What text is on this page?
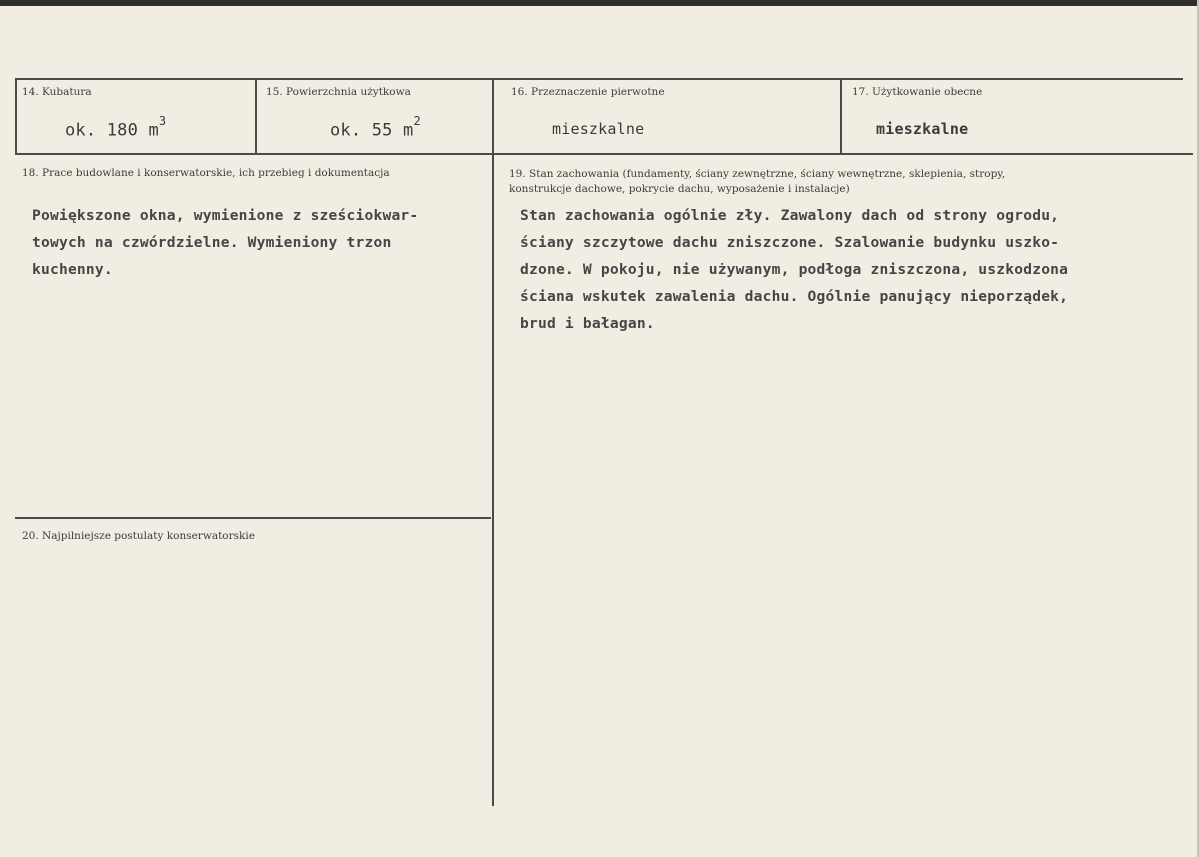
14. Kubatura
ok. 180 $m^3$
15. Powierzchnia użytkowa
ok. 55 $m^2$
16. Przeznaczenie pierwotne
mieszkalne
17. Użytkowanie obecne
mieszkalne
18. Prace budowlane i konserwatorskie, ich przebieg i dokumentacja
Powiększone okna, wymienione z sześciokwar-
towych na czwórdzielne. Wymieniony trzon
kuchenny.
19. Stan zachowania (fundamenty, ściany zewnętrzne, ściany wewnętrzne, sklepienia, stropy,
konstrukcje dachowe, pokrycie dachu, wyposażenie i instalacje)
Stan zachowania ogólnie zły. Zawalony dach od strony ogrodu,
ściany szczytowe dachu zniszczone. Szalowanie budynku uszko-
dzone. W pokoju, nie używanym, podłoga zniszczona, uszkodzona
ściana wskutek zawalenia dachu. Ogólnie panujący nieporządek,
brud i bałagan.
20. Najpilniejsze postulaty konserwatorskie
